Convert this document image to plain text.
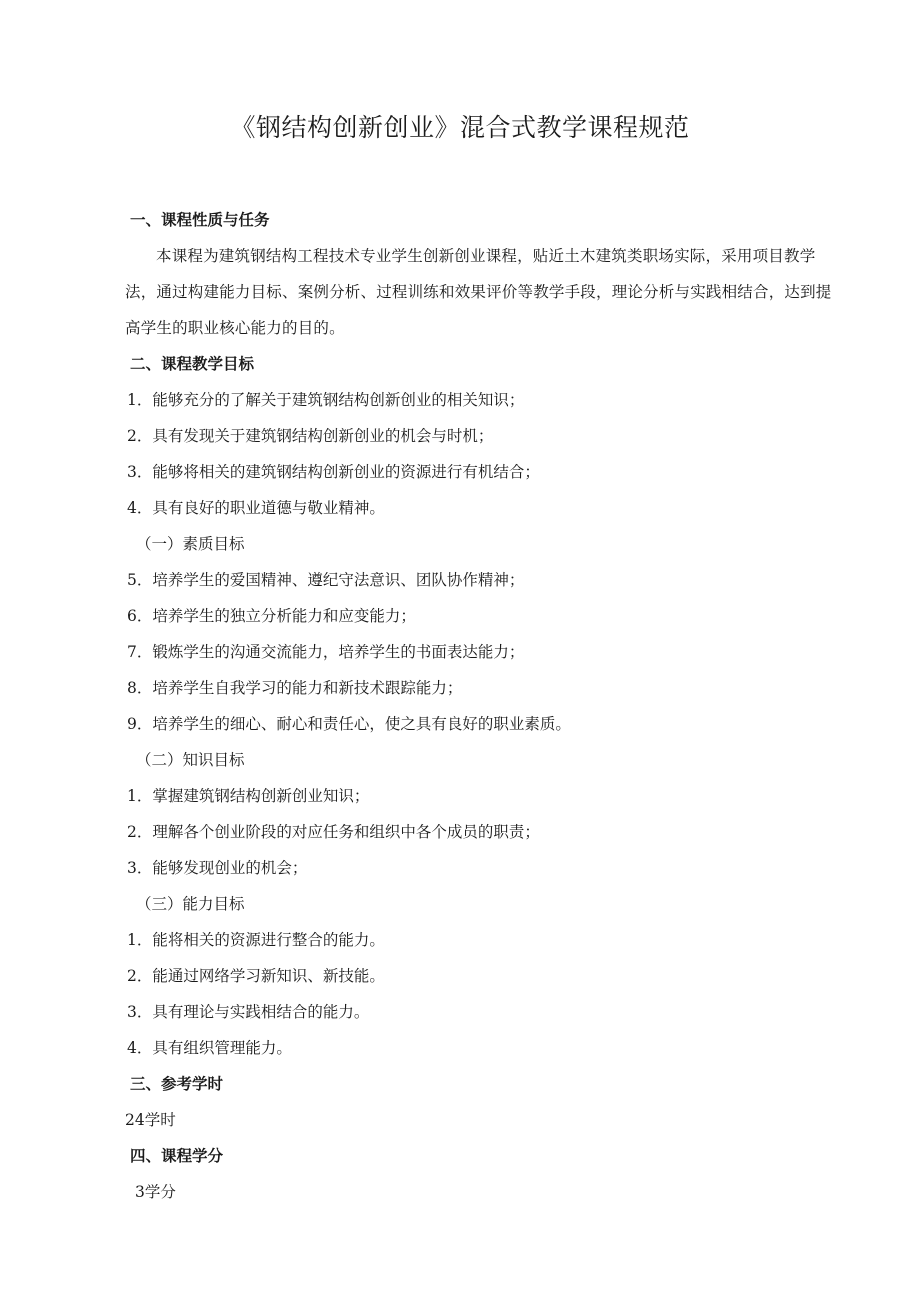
《钢结构创新创业》混合式教学课程规范
一、课程性质与任务

本课程为建筑钢结构工程技术专业学生创新创业课程，贴近土木建筑类职场实际，采用项目教学法，通过构建能力目标、案例分析、过程训练和效果评价等教学手段，理论分析与实践相结合，达到提高学生的职业核心能力的目的。

二、课程教学目标
1．能够充分的了解关于建筑钢结构创新创业的相关知识；
2．具有发现关于建筑钢结构创新创业的机会与时机；
3．能够将相关的建筑钢结构创新创业的资源进行有机结合；
4．具有良好的职业道德与敬业精神。
（一）素质目标
5．培养学生的爱国精神、遵纪守法意识、团队协作精神；
6．培养学生的独立分析能力和应变能力；
7．锻炼学生的沟通交流能力，培养学生的书面表达能力；
8．培养学生自我学习的能力和新技术跟踪能力；
9．培养学生的细心、耐心和责任心，使之具有良好的职业素质。
（二）知识目标
1．掌握建筑钢结构创新创业知识；
2．理解各个创业阶段的对应任务和组织中各个成员的职责；
3．能够发现创业的机会；
（三）能力目标
1．能将相关的资源进行整合的能力。
2．能通过网络学习新知识、新技能。
3．具有理论与实践相结合的能力。
4．具有组织管理能力。
三、参考学时
24学时
四、课程学分
3学分
